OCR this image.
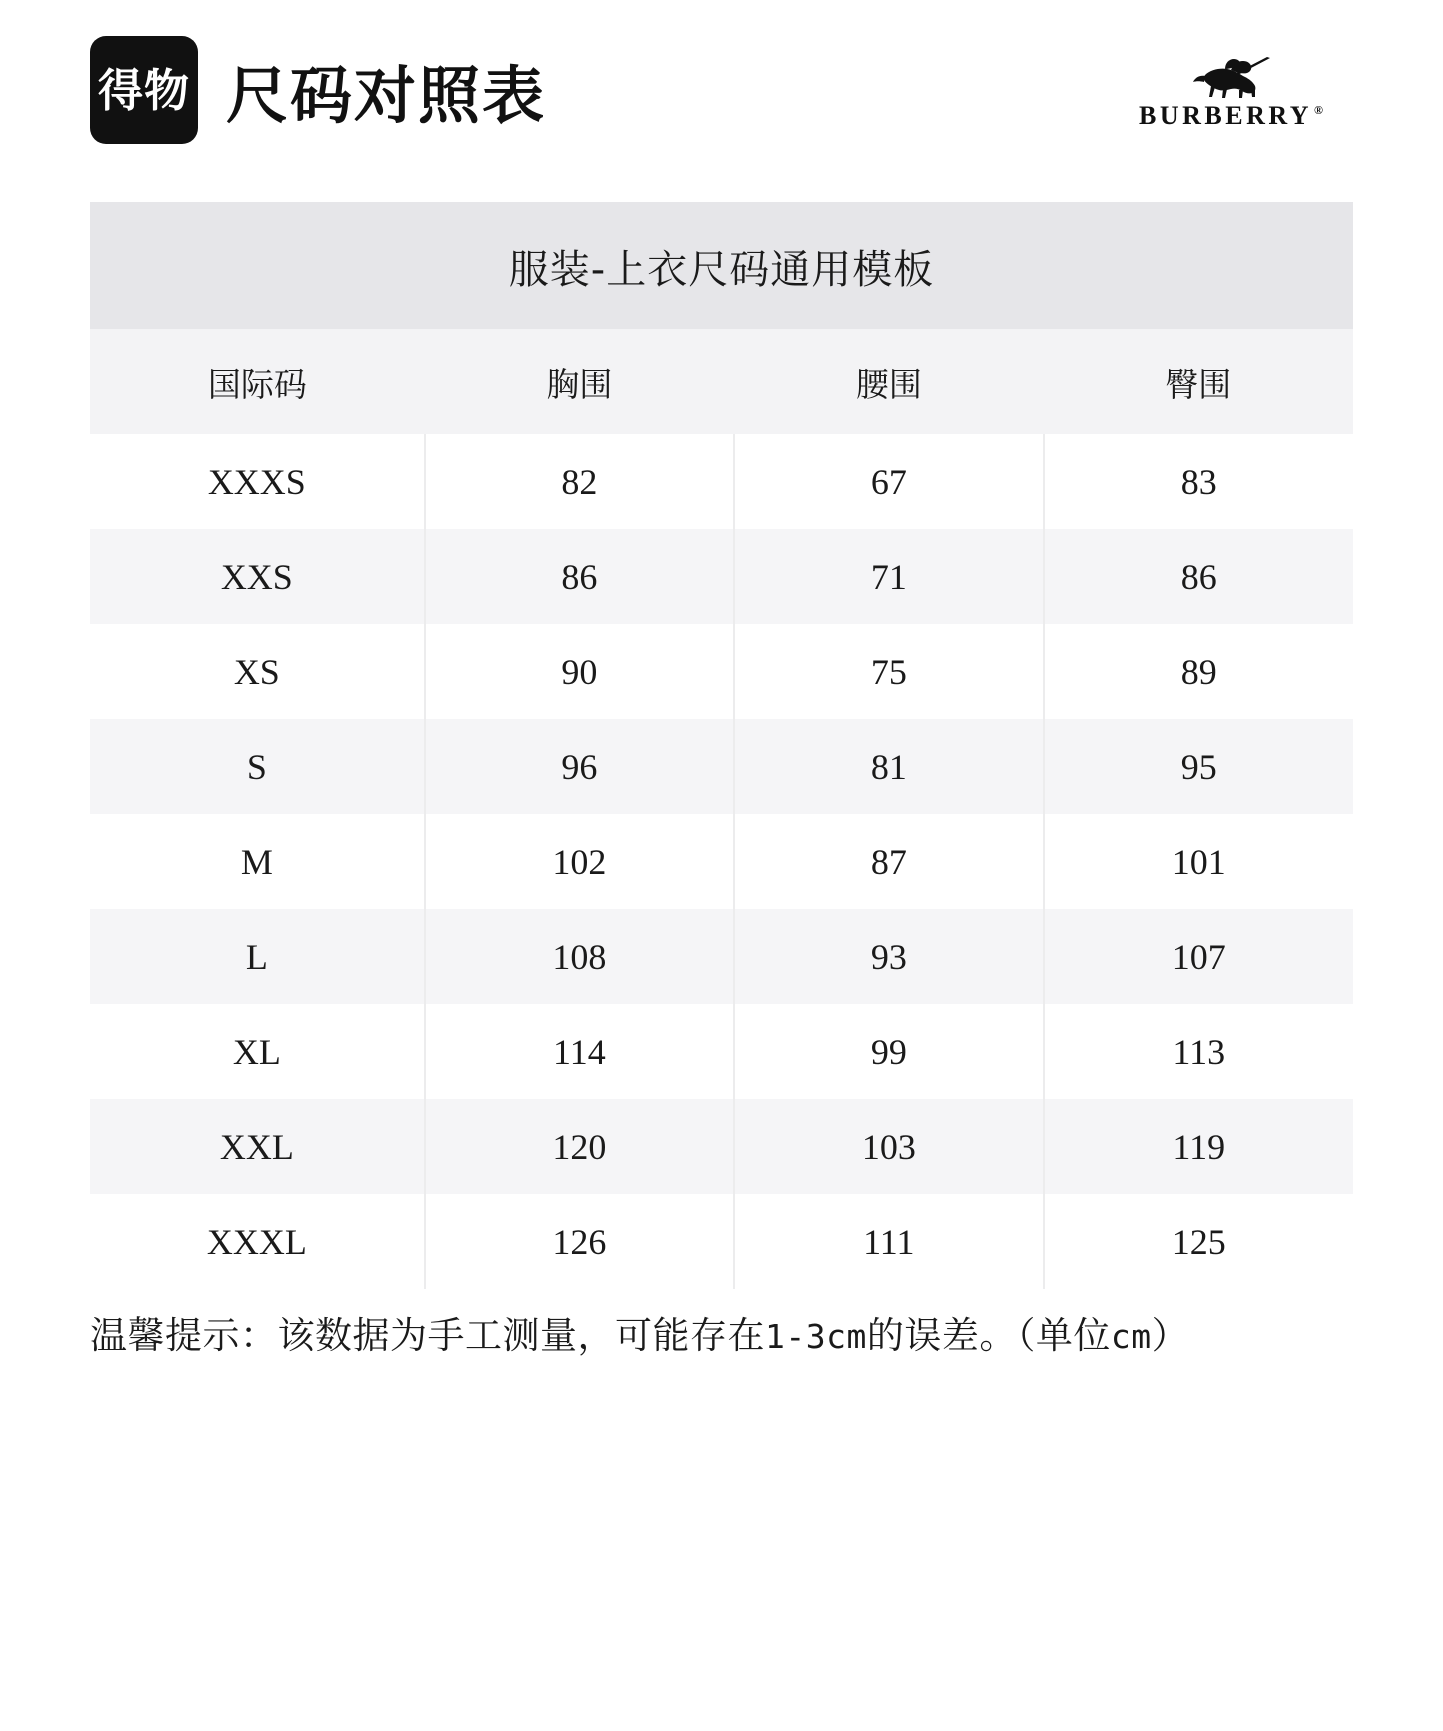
得物 尺码对照表	BURBERRY ®
服装-上衣尺码通用模板
国际码	胸围	腰围	臀围
XXXS	82	67	83
XXS	86	71	86
XS	90	75	89
S	96	81	95
M	102	87	101
L	108	93	107
XL	114	99	113
XXL	120	103	119
XXXL	126	111	125
温馨提示：该数据为手工测量，可能存在1-3cm的误差。（单位cm）
